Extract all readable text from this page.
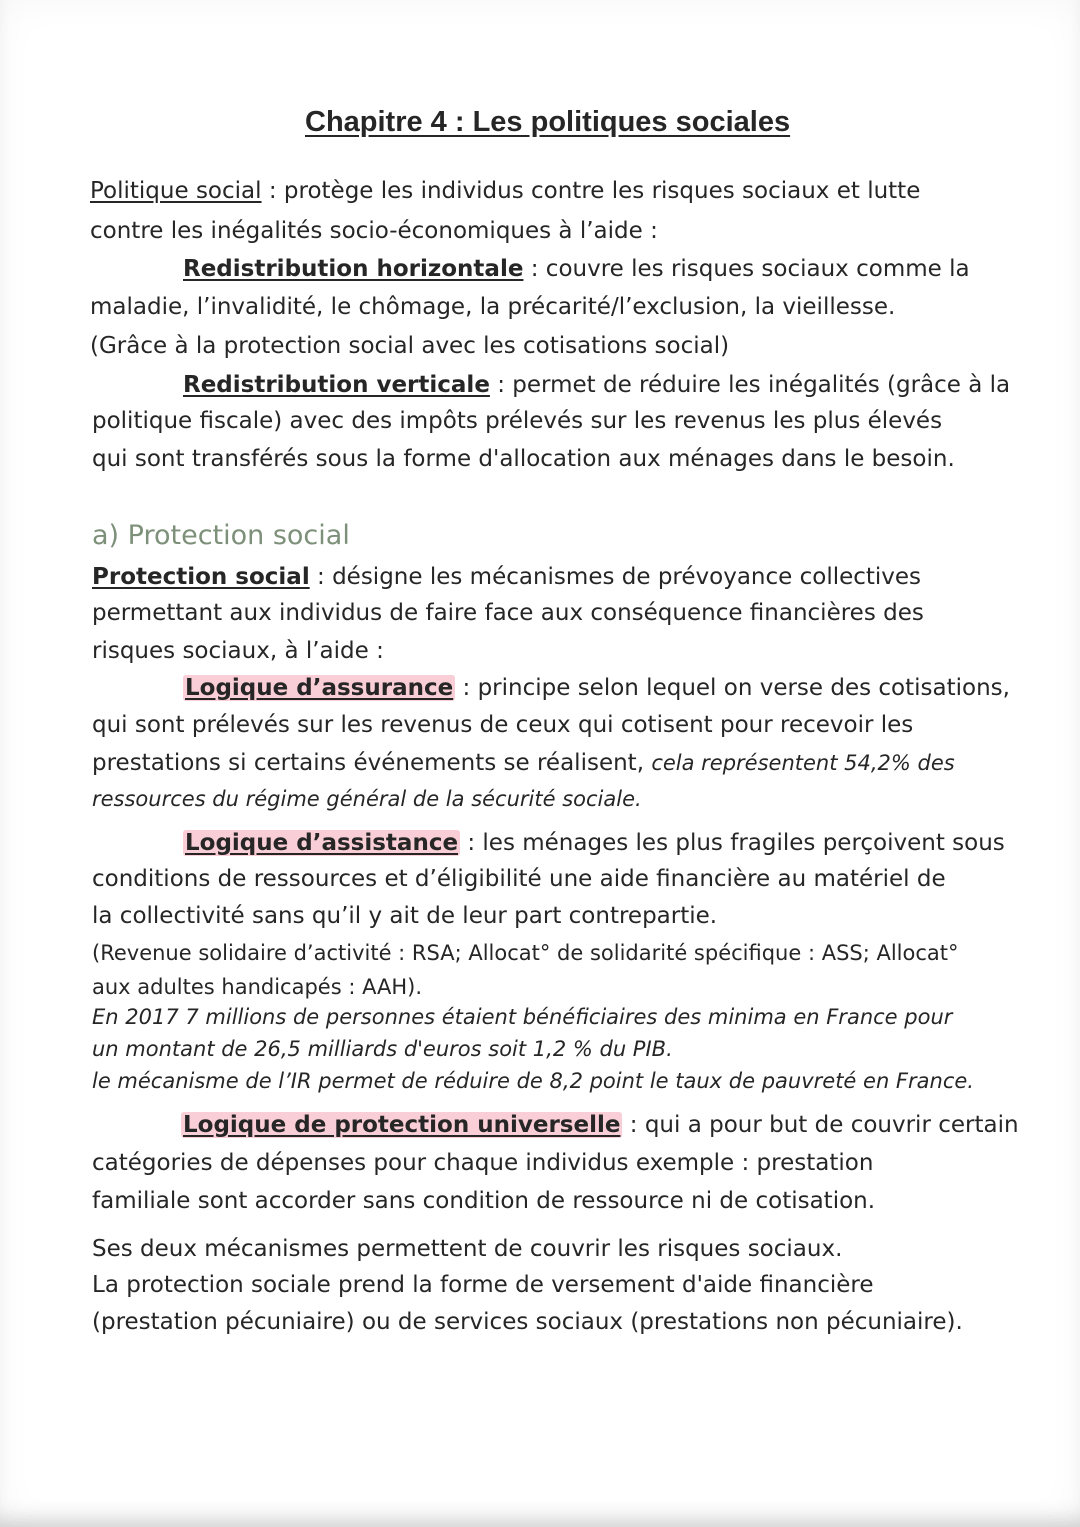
Chapitre 4 : Les politiques sociales
Politique social : protège les individus contre les risques sociaux et lutte
contre les inégalités socio-économiques à l’aide :
Redistribution horizontale : couvre les risques sociaux comme la
maladie, l’invalidité, le chômage, la précarité/l’exclusion, la vieillesse.
(Grâce à la protection social avec les cotisations social)
Redistribution verticale : permet de réduire les inégalités (grâce à la
politique fiscale) avec des impôts prélevés sur les revenus les plus élevés
qui sont transférés sous la forme d'allocation aux ménages dans le besoin.
a) Protection social
Protection social : désigne les mécanismes de prévoyance collectives
permettant aux individus de faire face aux conséquence financières des
risques sociaux, à l’aide :
Logique d’assurance : principe selon lequel on verse des cotisations,
qui sont prélevés sur les revenus de ceux qui cotisent pour recevoir les
prestations si certains événements se réalisent, cela représentent 54,2% des
ressources du régime général de la sécurité sociale.
Logique d’assistance : les ménages les plus fragiles perçoivent sous
conditions de ressources et d’éligibilité une aide financière au matériel de
la collectivité sans qu’il y ait de leur part contrepartie.
(Revenue solidaire d’activité : RSA; Allocat° de solidarité spécifique : ASS; Allocat°
aux adultes handicapés : AAH).
En 2017 7 millions de personnes étaient bénéficiaires des minima en France pour
un montant de 26,5 milliards d'euros soit 1,2 % du PIB.
le mécanisme de l’IR permet de réduire de 8,2 point le taux de pauvreté en France.
Logique de protection universelle : qui a pour but de couvrir certain
catégories de dépenses pour chaque individus exemple : prestation
familiale sont accorder sans condition de ressource ni de cotisation.
Ses deux mécanismes permettent de couvrir les risques sociaux.
La protection sociale prend la forme de versement d'aide financière
(prestation pécuniaire) ou de services sociaux (prestations non pécuniaire).
